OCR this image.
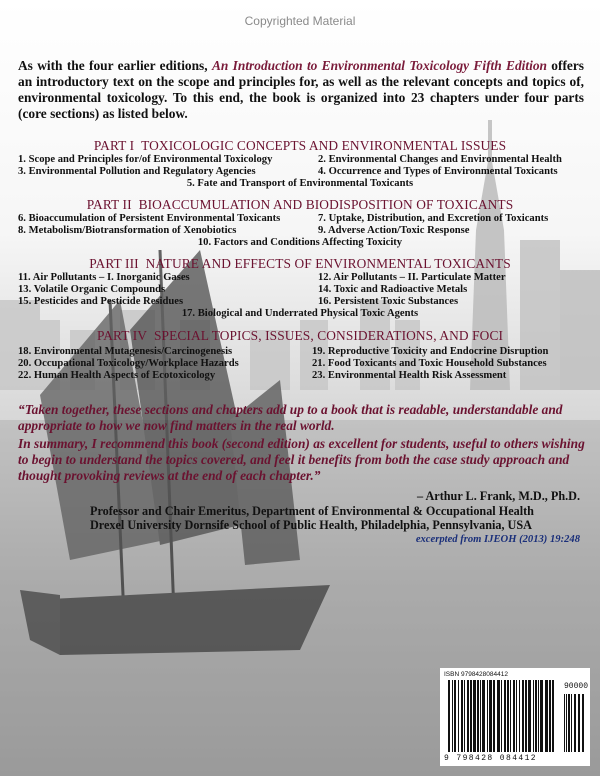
Copyrighted Material
As with the four earlier editions, An Introduction to Environmental Toxicology Fifth Edition offers an introductory text on the scope and principles for, as well as the relevant concepts and topics of, environmental toxicology. To this end, the book is organized into 23 chapters under four parts (core sections) as listed below.
PART I TOXICOLOGIC CONCEPTS AND ENVIRONMENTAL ISSUES
1. Scope and Principles for/of Environmental Toxicology	2. Environmental Changes and Environmental Health
3. Environmental Pollution and Regulatory Agencies	4. Occurrence and Types of Environmental Toxicants
5. Fate and Transport of Environmental Toxicants
PART II BIOACCUMULATION AND BIODISPOSITION OF TOXICANTS
6. Bioaccumulation of Persistent Environmental Toxicants	7. Uptake, Distribution, and Excretion of Toxicants
8. Metabolism/Biotransformation of Xenobiotics	9. Adverse Action/Toxic Response
10. Factors and Conditions Affecting Toxicity
PART III NATURE AND EFFECTS OF ENVIRONMENTAL TOXICANTS
11. Air Pollutants – I. Inorganic Gases	12. Air Pollutants – II. Particulate Matter
13. Volatile Organic Compounds	14. Toxic and Radioactive Metals
15. Pesticides and Pesticide Residues	16. Persistent Toxic Substances
17. Biological and Underrated Physical Toxic Agents
PART IV SPECIAL TOPICS, ISSUES, CONSIDERATIONS, AND FOCI
18. Environmental Mutagenesis/Carcinogenesis	19. Reproductive Toxicity and Endocrine Disruption
20. Occupational Toxicology/Workplace Hazards	21. Food Toxicants and Toxic Household Substances
22. Human Health Aspects of Ecotoxicology	23. Environmental Health Risk Assessment
“Taken together, these sections and chapters add up to a book that is readable, understandable and appropriate to how we now find matters in the real world.
In summary, I recommend this book (second edition) as excellent for students, useful to others wishing to begin to understand the topics covered, and feel it benefits from both the case study approach and thought provoking reviews at the end of each chapter.”
– Arthur L. Frank, M.D., Ph.D.
Professor and Chair Emeritus, Department of Environmental & Occupational Health
Drexel University Dornsife School of Public Health, Philadelphia, Pennsylvania, USA
excerpted from IJEOH (2013) 19:248
ISBN 9798428084412
90000
9 798428 084412
